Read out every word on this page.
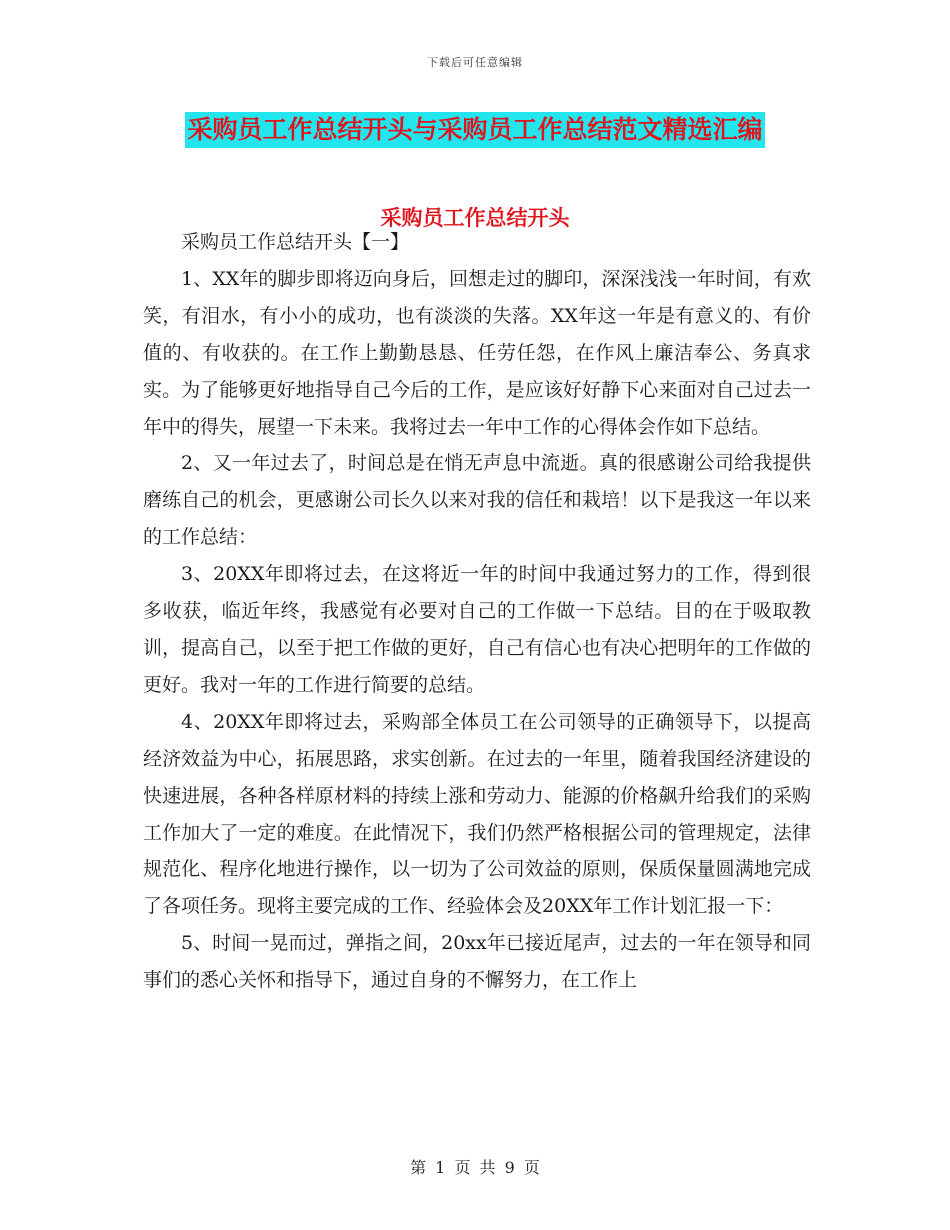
下载后可任意编辑
采购员工作总结开头与采购员工作总结范文精选汇编
采购员工作总结开头

采购员工作总结开头【一】

1、XX年的脚步即将迈向身后，回想走过的脚印，深深浅浅一年时间，有欢笑，有泪水，有小小的成功，也有淡淡的失落。XX年这一年是有意义的、有价值的、有收获的。在工作上勤勤恳恳、任劳任怨，在作风上廉洁奉公、务真求实。为了能够更好地指导自己今后的工作，是应该好好静下心来面对自己过去一年中的得失，展望一下未来。我将过去一年中工作的心得体会作如下总结。

2、又一年过去了，时间总是在悄无声息中流逝。真的很感谢公司给我提供磨练自己的机会，更感谢公司长久以来对我的信任和栽培！以下是我这一年以来的工作总结：

3、20XX年即将过去，在这将近一年的时间中我通过努力的工作，得到很多收获，临近年终，我感觉有必要对自己的工作做一下总结。目的在于吸取教训，提高自己，以至于把工作做的更好，自己有信心也有决心把明年的工作做的更好。我对一年的工作进行简要的总结。

4、20XX年即将过去，采购部全体员工在公司领导的正确领导下，以提高经济效益为中心，拓展思路，求实创新。在过去的一年里，随着我国经济建设的快速进展，各种各样原材料的持续上涨和劳动力、能源的价格飙升给我们的采购工作加大了一定的难度。在此情况下，我们仍然严格根据公司的管理规定，法律规范化、程序化地进行操作，以一切为了公司效益的原则，保质保量圆满地完成了各项任务。现将主要完成的工作、经验体会及20XX年工作计划汇报一下：

5、时间一晃而过，弹指之间，20xx年已接近尾声，过去的一年在领导和同事们的悉心关怀和指导下，通过自身的不懈努力，在工作上

第 1 页 共 9 页
